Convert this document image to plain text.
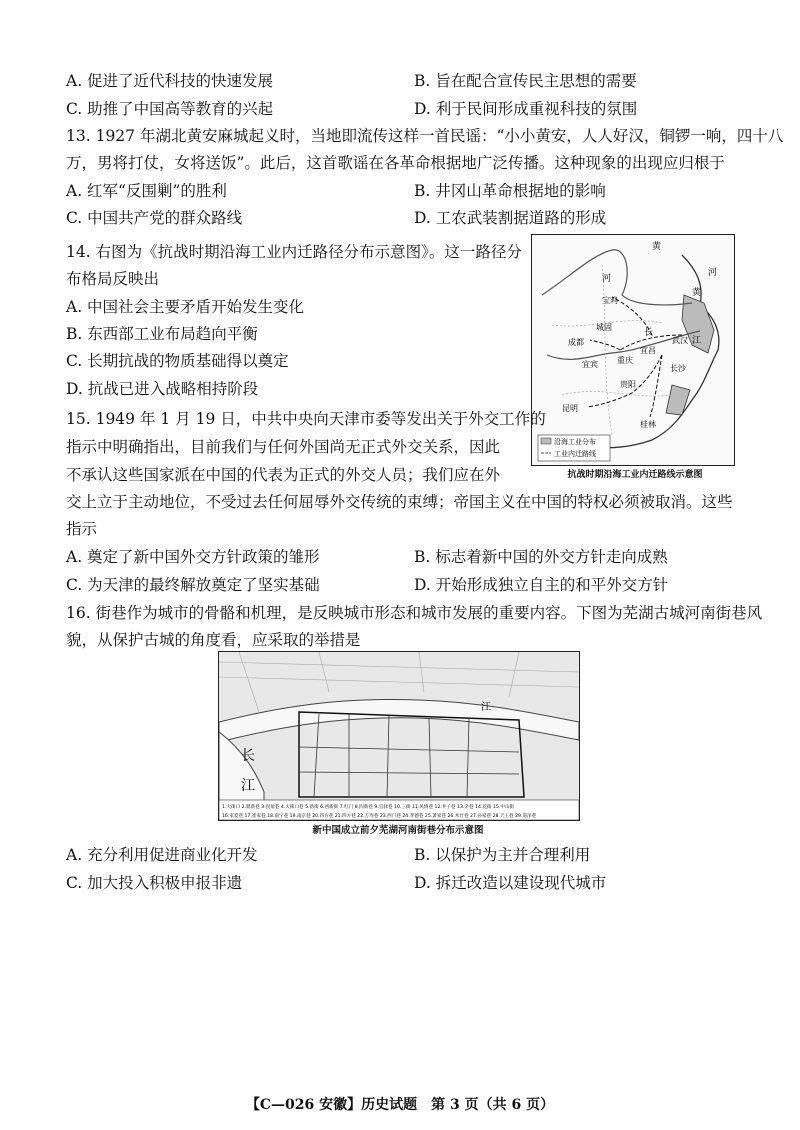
A. 促进了近代科技的快速发展	B. 旨在配合宣传民主思想的需要
C. 助推了中国高等教育的兴起	D. 利于民间形成重视科技的氛围
13. 1927 年湖北黄安麻城起义时，当地即流传这样一首民谣：“小小黄安，人人好汉，铜锣一响，四十八
万，男将打仗，女将送饭”。此后，这首歌谣在各革命根据地广泛传播。这种现象的出现应归根于
A. 红军“反围剿”的胜利	B. 井冈山革命根据地的影响
C. 中国共产党的群众路线	D. 工农武装割据道路的形成
14. 右图为《抗战时期沿海工业内迁路径分布示意图》。这一路径分
布格局反映出
A. 中国社会主要矛盾开始发生变化
B. 东西部工业布局趋向平衡
C. 长期抗战的物质基础得以奠定
D. 抗战已进入战略相持阶段
黄
河
宝鸡
城固
成都
重庆
长
宜昌
武汉 江
长沙
宜宾
贵阳
昆明
桂林
黄
河
沿海工业分布
工业内迁路线
抗战时期沿海工业内迁路线示意图
15. 1949 年 1 月 19 日，中共中央向天津市委等发出关于外交工作的
指示中明确指出，目前我们与任何外国尚无正式外交关系，因此
不承认这些国家派在中国的代表为正式的外交人员；我们应在外
交上立于主动地位，不受过去任何屈辱外交传统的束缚；帝国主义在中国的特权必须被取消。这些
指示
A. 奠定了新中国外交方针政策的雏形	B. 标志着新中国的外交方针走向成熟
C. 为天津的最终解放奠定了坚实基础	D. 开始形成独立自主的和平外交方针
16. 街巷作为城市的骨骼和机理，是反映城市形态和城市发展的重要内容。下图为芜湖古城河南街巷风
貌，从保护古城的角度看，应采取的举措是
长
江
江
1.大街口 2.鼎新巷 3.拐角巷 4.大街口巷 5.新街 6.西新街 7.红门 8.四新巷 9.官驿巷 10.三街 11.风情巷 12.井子巷 13.杂巷 14.花街 15.中山街
16.家宴巷 17.崔家巷 18.南宁巷 19.南京巷 20.四方巷 21.四方巷 22.万寿巷 23.西门巷 24.孝德巷 25.萧家巷 26.木竹巷 27.孙家巷 28.天王巷 29.道泽巷
新中国成立前夕芜湖河南街巷分布示意图
A. 充分利用促进商业化开发	B. 以保护为主并合理利用
C. 加大投入积极申报非遗	D. 拆迁改造以建设现代城市
【C—026 安徽】历史试题　第 3 页（共 6 页）
